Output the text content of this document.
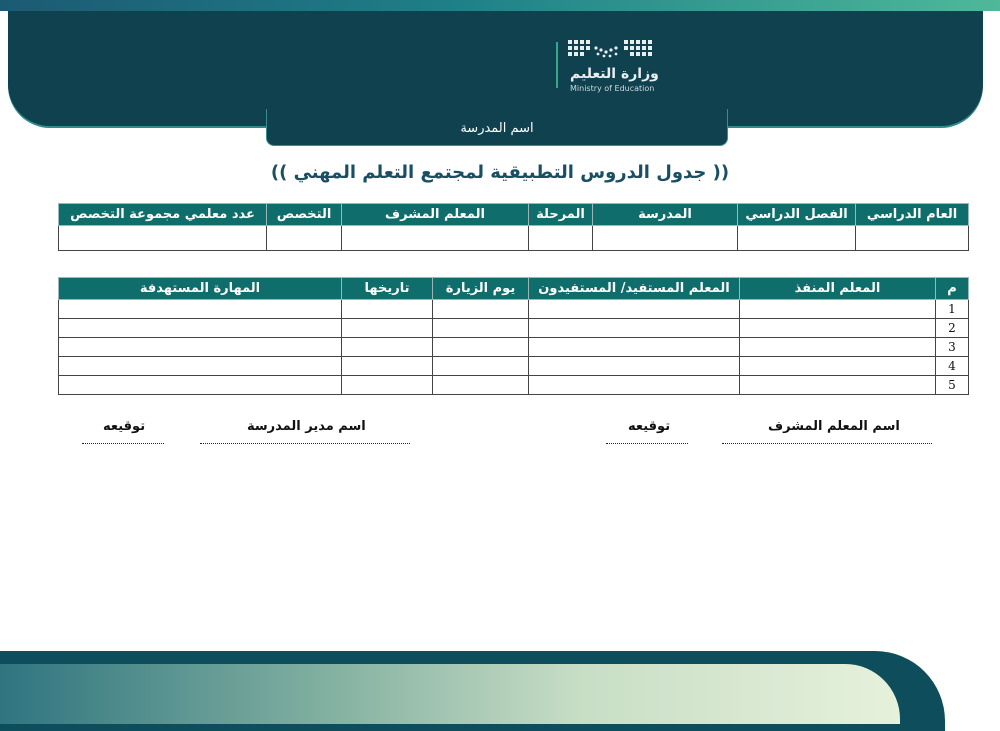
وزارة التعليم
Ministry of Education
اسم المدرسة
(( جدول الدروس التطبيقية لمجتمع التعلم المهني ))
العام الدراسي	الفصل الدراسي	المدرسة	المرحلة	المعلم المشرف	التخصص	عدد معلمي مجموعة التخصص

م	المعلم المنفذ	المعلم المستفيد/ المستفيدون	يوم الزيارة	تاريخها	المهارة المستهدفة
1					
2					
3					
4					
5					
اسم المعلم المشرف
توقيعه
اسم مدير المدرسة
توقيعه
